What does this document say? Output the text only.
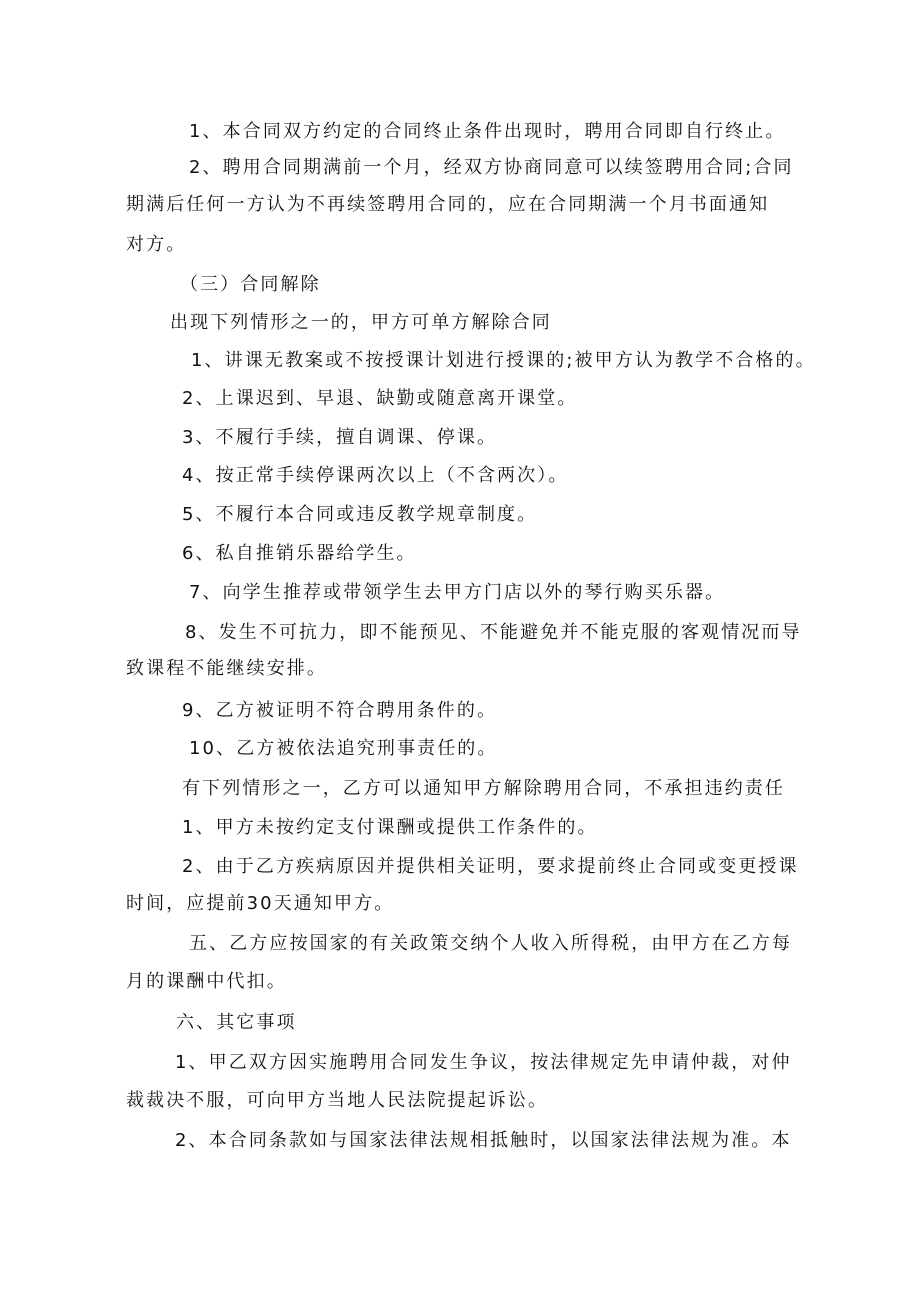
1、本合同双方约定的合同终止条件出现时，聘用合同即自行终止。
2、聘用合同期满前一个月，经双方协商同意可以续签聘用合同;合同
期满后任何一方认为不再续签聘用合同的，应在合同期满一个月书面通知
对方。
（三）合同解除
出现下列情形之一的，甲方可单方解除合同
1、讲课无教案或不按授课计划进行授课的;被甲方认为教学不合格的。
2、上课迟到、早退、缺勤或随意离开课堂。
3、不履行手续，擅自调课、停课。
4、按正常手续停课两次以上（不含两次）。
5、不履行本合同或违反教学规章制度。
6、私自推销乐器给学生。
7、向学生推荐或带领学生去甲方门店以外的琴行购买乐器。
8、发生不可抗力，即不能预见、不能避免并不能克服的客观情况而导
致课程不能继续安排。
9、乙方被证明不符合聘用条件的。
10、乙方被依法追究刑事责任的。
有下列情形之一，乙方可以通知甲方解除聘用合同，不承担违约责任
1、甲方未按约定支付课酬或提供工作条件的。
2、由于乙方疾病原因并提供相关证明，要求提前终止合同或变更授课
时间，应提前30天通知甲方。
五、乙方应按国家的有关政策交纳个人收入所得税，由甲方在乙方每
月的课酬中代扣。
六、其它事项
1、甲乙双方因实施聘用合同发生争议，按法律规定先申请仲裁，对仲
裁裁决不服，可向甲方当地人民法院提起诉讼。
2、本合同条款如与国家法律法规相抵触时，以国家法律法规为准。本
